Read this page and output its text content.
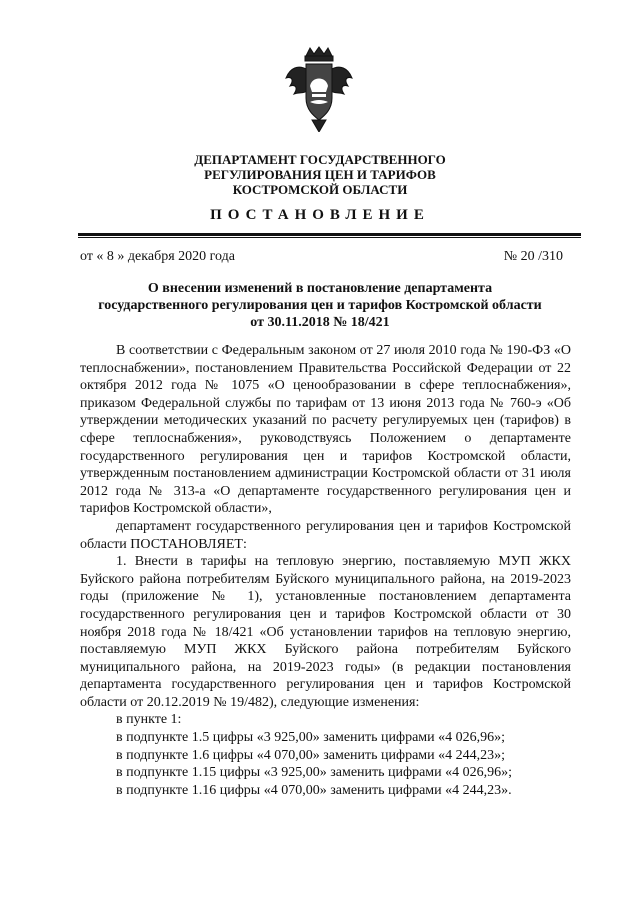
ДЕПАРТАМЕНТ ГОСУДАРСТВЕННОГО
РЕГУЛИРОВАНИЯ ЦЕН И ТАРИФОВ
КОСТРОМСКОЙ ОБЛАСТИ
ПОСТАНОВЛЕНИЕ
от « 8 » декабря 2020 года	№ 20 /310
О внесении изменений в постановление департамента
государственного регулирования цен и тарифов Костромской области
от 30.11.2018 № 18/421

В соответствии с Федеральным законом от 27 июля 2010 года № 190-ФЗ «О теплоснабжении», постановлением Правительства Российской Федерации от 22 октября 2012 года № 1075 «О ценообразовании в сфере теплоснабжения», приказом Федеральной службы по тарифам от 13 июня 2013 года № 760-э «Об утверждении методических указаний по расчету регулируемых цен (тарифов) в сфере теплоснабжения», руководствуясь Положением о департаменте государственного регулирования цен и тарифов Костромской области, утвержденным постановлением администрации Костромской области от 31 июля 2012 года № 313-а «О департаменте государственного регулирования цен и тарифов Костромской области»,

департамент государственного регулирования цен и тарифов Костромской области ПОСТАНОВЛЯЕТ:

1. Внести в тарифы на тепловую энергию, поставляемую МУП ЖКХ Буйского района потребителям Буйского муниципального района, на 2019-2023 годы (приложение № 1), установленные постановлением департамента государственного регулирования цен и тарифов Костромской области от 30 ноября 2018 года № 18/421 «Об установлении тарифов на тепловую энергию, поставляемую МУП ЖКХ Буйского района потребителям Буйского муниципального района, на 2019-2023 годы» (в редакции постановления департамента государственного регулирования цен и тарифов Костромской области от 20.12.2019 № 19/482), следующие изменения:

в пункте 1:
в подпункте 1.5 цифры «3 925,00» заменить цифрами «4 026,96»;
в подпункте 1.6 цифры «4 070,00» заменить цифрами «4 244,23»;
в подпункте 1.15 цифры «3 925,00» заменить цифрами «4 026,96»;
в подпункте 1.16 цифры «4 070,00» заменить цифрами «4 244,23».
